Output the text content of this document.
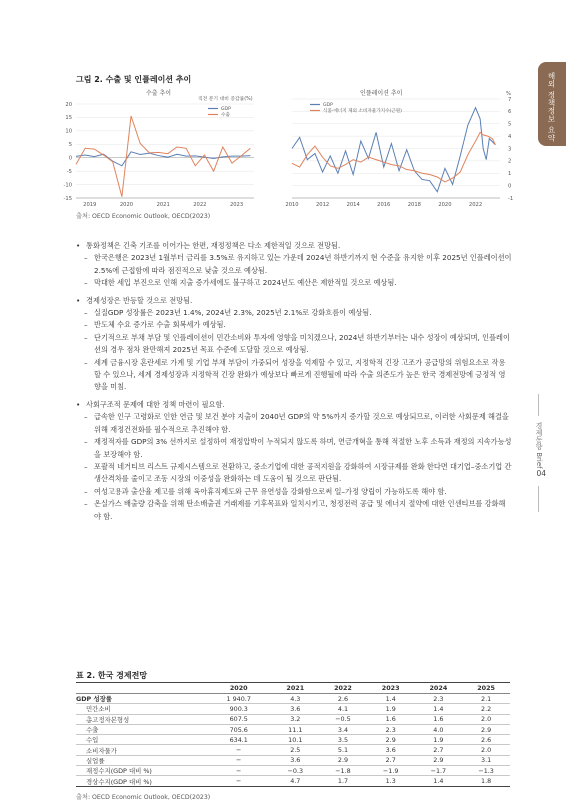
해외 정책정보 요약
경제동향 Brief
04
그림 2. 수출 및 인플레이션 추이
수출 추이
직전 분기 대비 증감률(%)
20
15
10
5
0
-5
-10
-15
2019	2020	2021	2022	2023
GDP
수출
인플레이션 추이	%
7
6
5
4
3
2
1
0
-1
2010	2012	2014	2016	2018	2020	2022
GDP
식품·에너지 제외 소비자물가지수(근원)
출처: OECD Economic Outlook, OECD(2023)
• 통화정책은 긴축 기조를 이어가는 한편, 재정정책은 다소 제한적일 것으로 전망됨.
– 한국은행은 2023년 1월부터 금리를 3.5%로 유지하고 있는 가운데 2024년 하반기까지 현 수준을 유지한 이후 2025년 인플레이션이 2.5%에 근접함에 따라 점진적으로 낮출 것으로 예상됨.
– 막대한 세입 부진으로 인해 지출 증가세에도 불구하고 2024년도 예산은 제한적일 것으로 예상됨.
• 경제성장은 반등할 것으로 전망됨.
– 실질GDP 성장률은 2023년 1.4%, 2024년 2.3%, 2025년 2.1%로 강화흐름이 예상됨.
– 반도체 수요 증가로 수출 회복세가 예상됨.
– 단기적으로 부채 부담 및 인플레이션이 민간소비와 투자에 영향을 미치겠으나, 2024년 하반기부터는 내수 성장이 예상되며, 인플레이션의 경우 점차 완만해져 2025년 목표 수준에 도달할 것으로 예상됨.
– 세계 금융시장 혼란세로 가계 및 기업 부채 부담이 가중되어 성장을 억제할 수 있고, 지정학적 긴장 고조가 공급망의 위험요소로 작용할 수 있으나, 세계 경제성장과 지정학적 긴장 완화가 예상보다 빠르게 진행될에 따라 수출 의존도가 높은 한국 경제전망에 긍정적 영향을 미침.
• 사회구조적 문제에 대한 정책 마련이 필요함.
– 급속한 인구 고령화로 인한 연금 및 보건 분야 지출이 2040년 GDP의 약 5%까지 증가할 것으로 예상되므로, 이러한 사회문제 해결을 위해 재정건전화를 필수적으로 추진해야 함.
– 재정적자를 GDP의 3% 선까지로 설정하여 재정압박이 누적되지 않도록 하며, 연금개혁을 통해 적절한 노후 소득과 재정의 지속가능성을 보장해야 함.
– 포괄적 네거티브 리스트 규제시스템으로 전환하고, 중소기업에 대한 공적지원을 강화하여 시장규제를 완화 한다면 대기업–중소기업 간 생산격차를 줄이고 조동 시장의 이중성을 완화하는 데 도움이 될 것으로 판단됨.
– 여성고용과 출산율 제고를 위해 육아휴직제도와 근무 유연성을 강화함으로써 일–가정 양립이 가능하도록 해야 함.
– 온실가스 배출량 감축을 위해 탄소배출권 거래제를 기후목표와 일치시키고, 청정전력 공급 및 에너지 절약에 대한 인센티브를 강화해야 함.
표 2. 한국 경제전망
	2020	2021	2022	2023	2024	2025
GDP 성장률	1 940.7	4.3	2.6	1.4	2.3	2.1
민간소비	900.3	3.6	4.1	1.9	1.4	2.2
총고정자본형성	607.5	3.2	−0.5	1.6	1.6	2.0
수출	705.6	11.1	3.4	2.3	4.0	2.9
수입	634.1	10.1	3.5	2.9	1.9	2.6
소비자물가	−	2.5	5.1	3.6	2.7	2.0
실업률	−	3.6	2.9	2.7	2.9	3.1
재정수지(GDP 대비 %)	−	−0.3	−1.8	−1.9	−1.7	−1.3
경상수지(GDP 대비 %)	−	4.7	1.7	1.3	1.4	1.8
출처: OECD Economic Outlook, OECD(2023)
